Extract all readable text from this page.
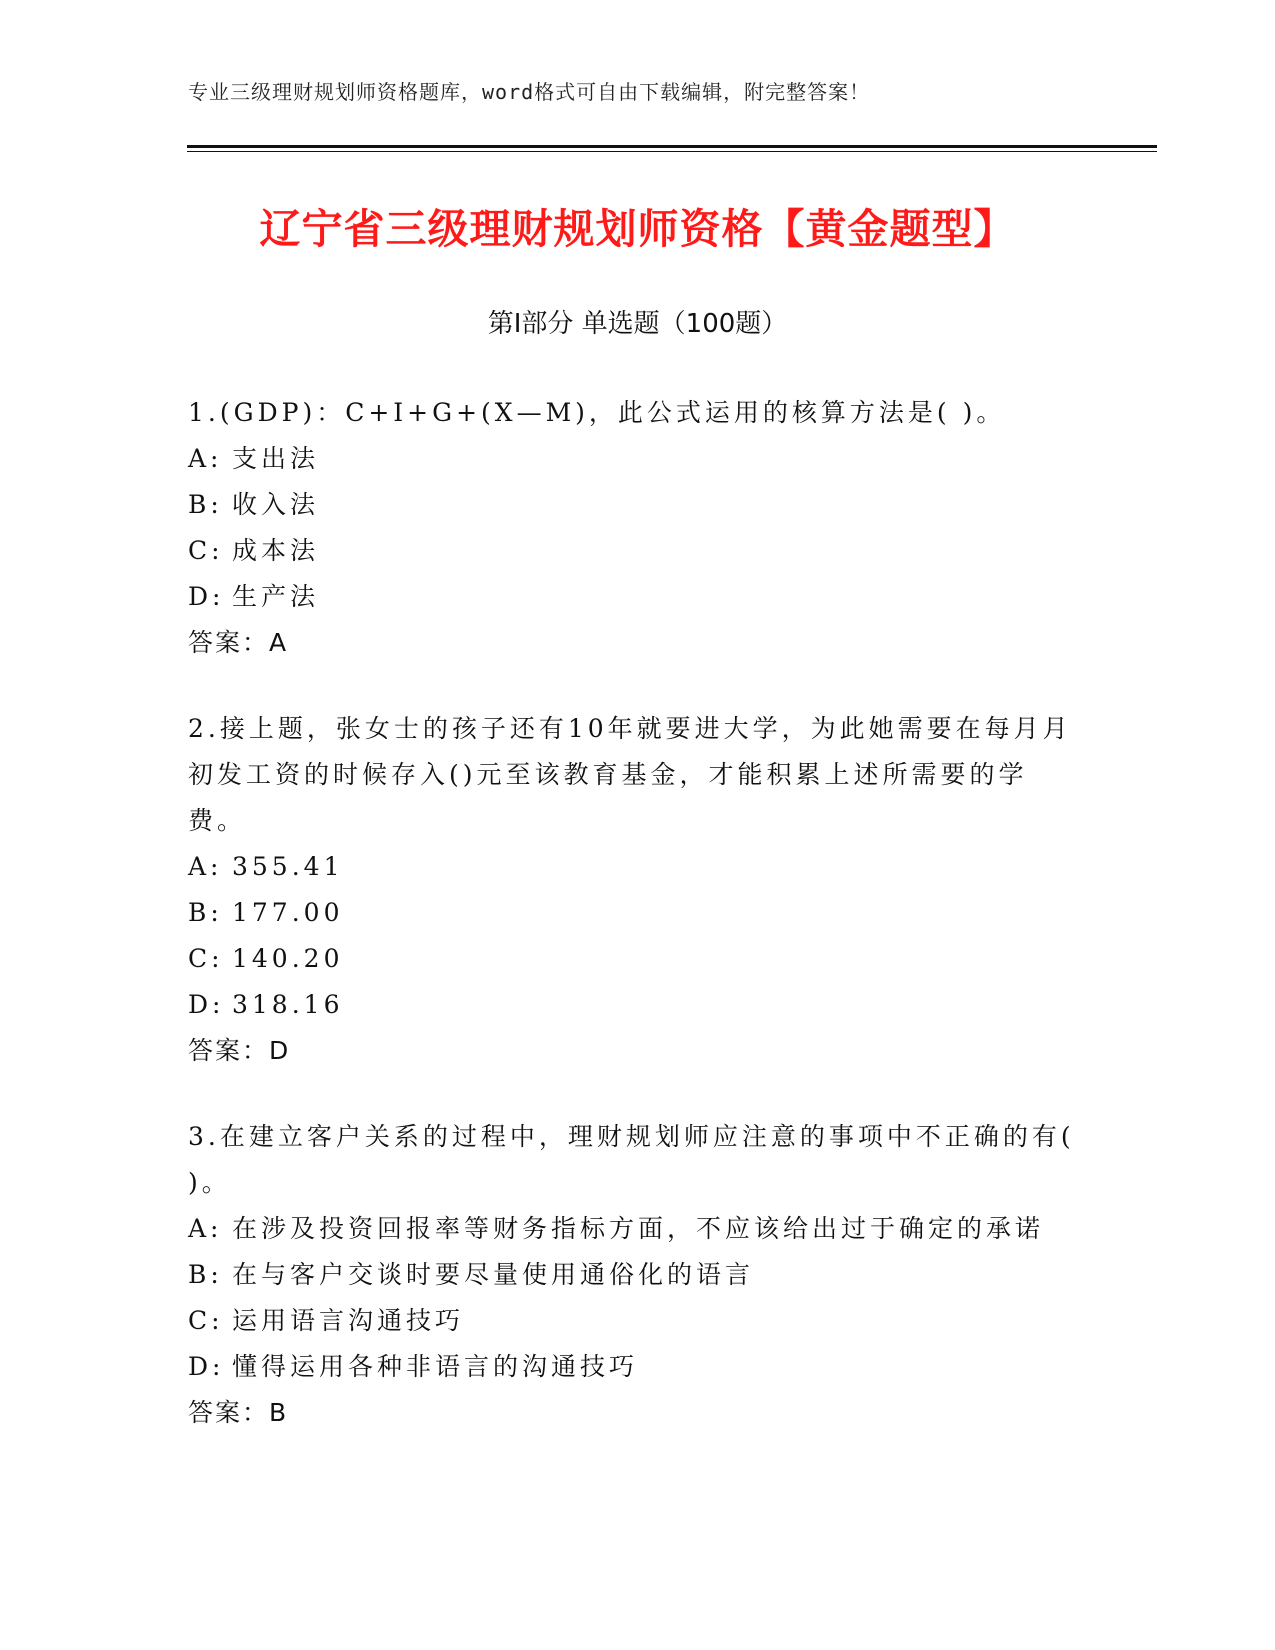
专业三级理财规划师资格题库，word格式可自由下载编辑，附完整答案！
辽宁省三级理财规划师资格【黄金题型】
第Ⅰ部分 单选题（100题）

1.(GDP)：C+I+G+(X—M)，此公式运用的核算方法是( )。

A: 支出法
B: 收入法
C: 成本法
D: 生产法
答案：A

2.接上题，张女士的孩子还有10年就要进大学，为此她需要在每月月初发工资的时候存入()元至该教育基金，才能积累上述所需要的学费。

A: 355.41
B: 177.00
C: 140.20
D: 318.16
答案：D

3.在建立客户关系的过程中，理财规划师应注意的事项中不正确的有( )。

A: 在涉及投资回报率等财务指标方面，不应该给出过于确定的承诺
B: 在与客户交谈时要尽量使用通俗化的语言
C: 运用语言沟通技巧
D: 懂得运用各种非语言的沟通技巧
答案：B
